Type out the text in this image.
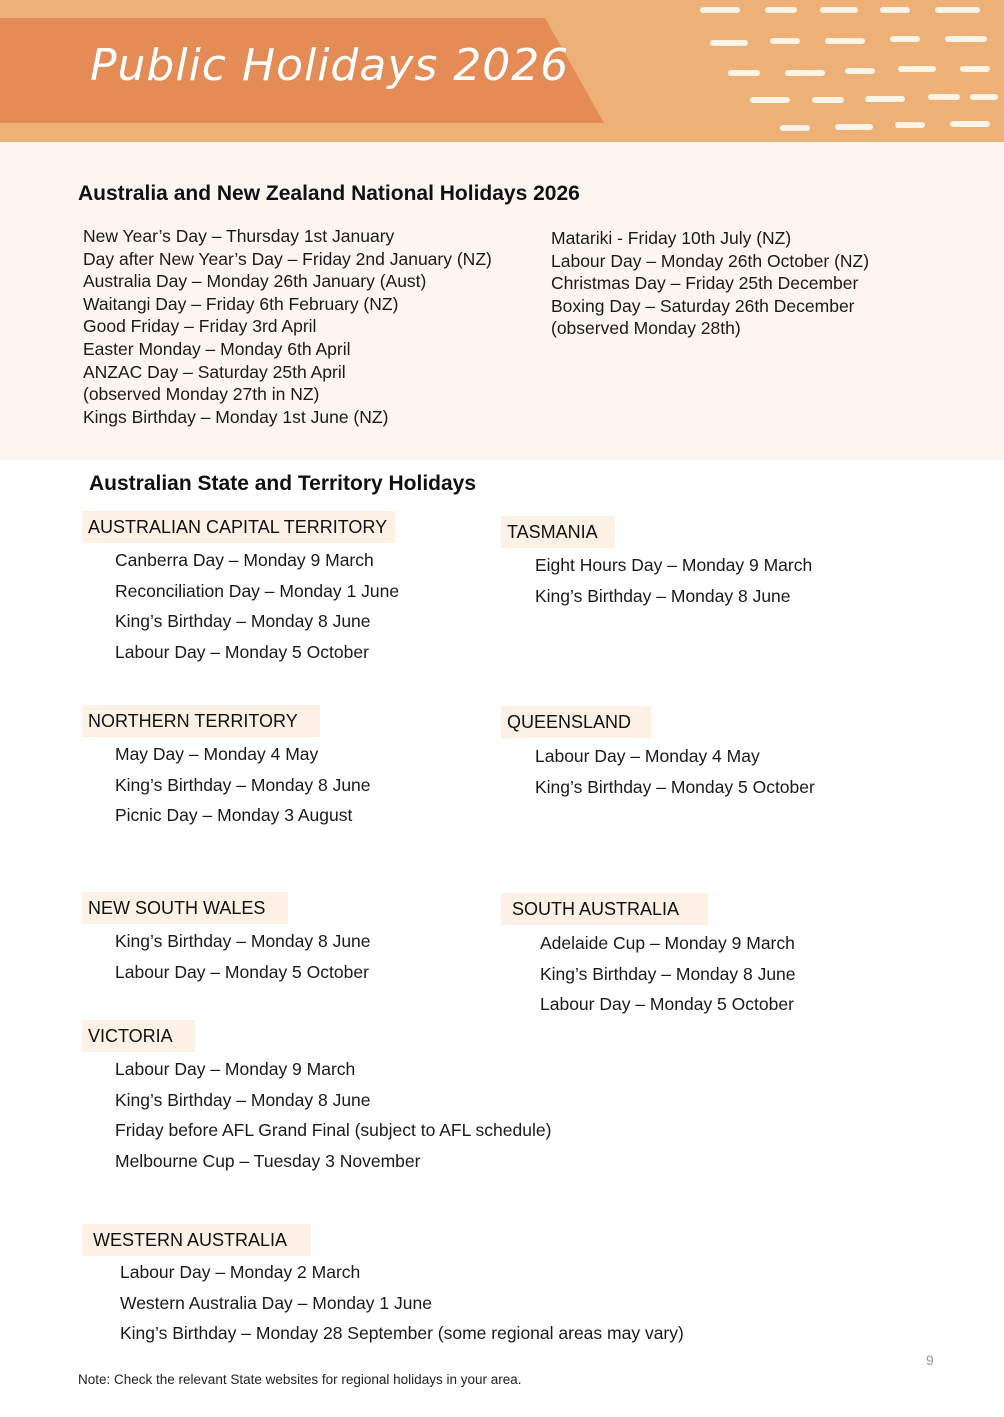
Public Holidays 2026
Australia and New Zealand National Holidays 2026
New Year’s Day – Thursday 1st January
Day after New Year’s Day – Friday 2nd January (NZ)
Australia Day – Monday 26th January (Aust)
Waitangi Day – Friday 6th February (NZ)
Good Friday – Friday 3rd April
Easter Monday – Monday 6th April
ANZAC Day – Saturday 25th April
(observed Monday 27th in NZ)
Kings Birthday – Monday 1st June (NZ)
Matariki - Friday 10th July (NZ)
Labour Day – Monday 26th October (NZ)
Christmas Day – Friday 25th December
Boxing Day – Saturday 26th December
(observed Monday 28th)
Australian State and Territory Holidays
AUSTRALIAN CAPITAL TERRITORY
Canberra Day – Monday 9 March
Reconciliation Day – Monday 1 June
King’s Birthday – Monday 8 June
Labour Day – Monday 5 October
TASMANIA
Eight Hours Day – Monday 9 March
King’s Birthday – Monday 8 June
NORTHERN TERRITORY
May Day – Monday 4 May
King’s Birthday – Monday 8 June
Picnic Day – Monday 3 August
QUEENSLAND
Labour Day – Monday 4 May
King’s Birthday – Monday 5 October
NEW SOUTH WALES
King’s Birthday – Monday 8 June
Labour Day – Monday 5 October
SOUTH AUSTRALIA
Adelaide Cup – Monday 9 March
King’s Birthday – Monday 8 June
Labour Day – Monday 5 October
VICTORIA
Labour Day – Monday 9 March
King’s Birthday – Monday 8 June
Friday before AFL Grand Final (subject to AFL schedule)
Melbourne Cup – Tuesday 3 November
WESTERN AUSTRALIA
Labour Day – Monday 2 March
Western Australia Day – Monday 1 June
King’s Birthday – Monday 28 September (some regional areas may vary)
9
Note: Check the relevant State websites for regional holidays in your area.
